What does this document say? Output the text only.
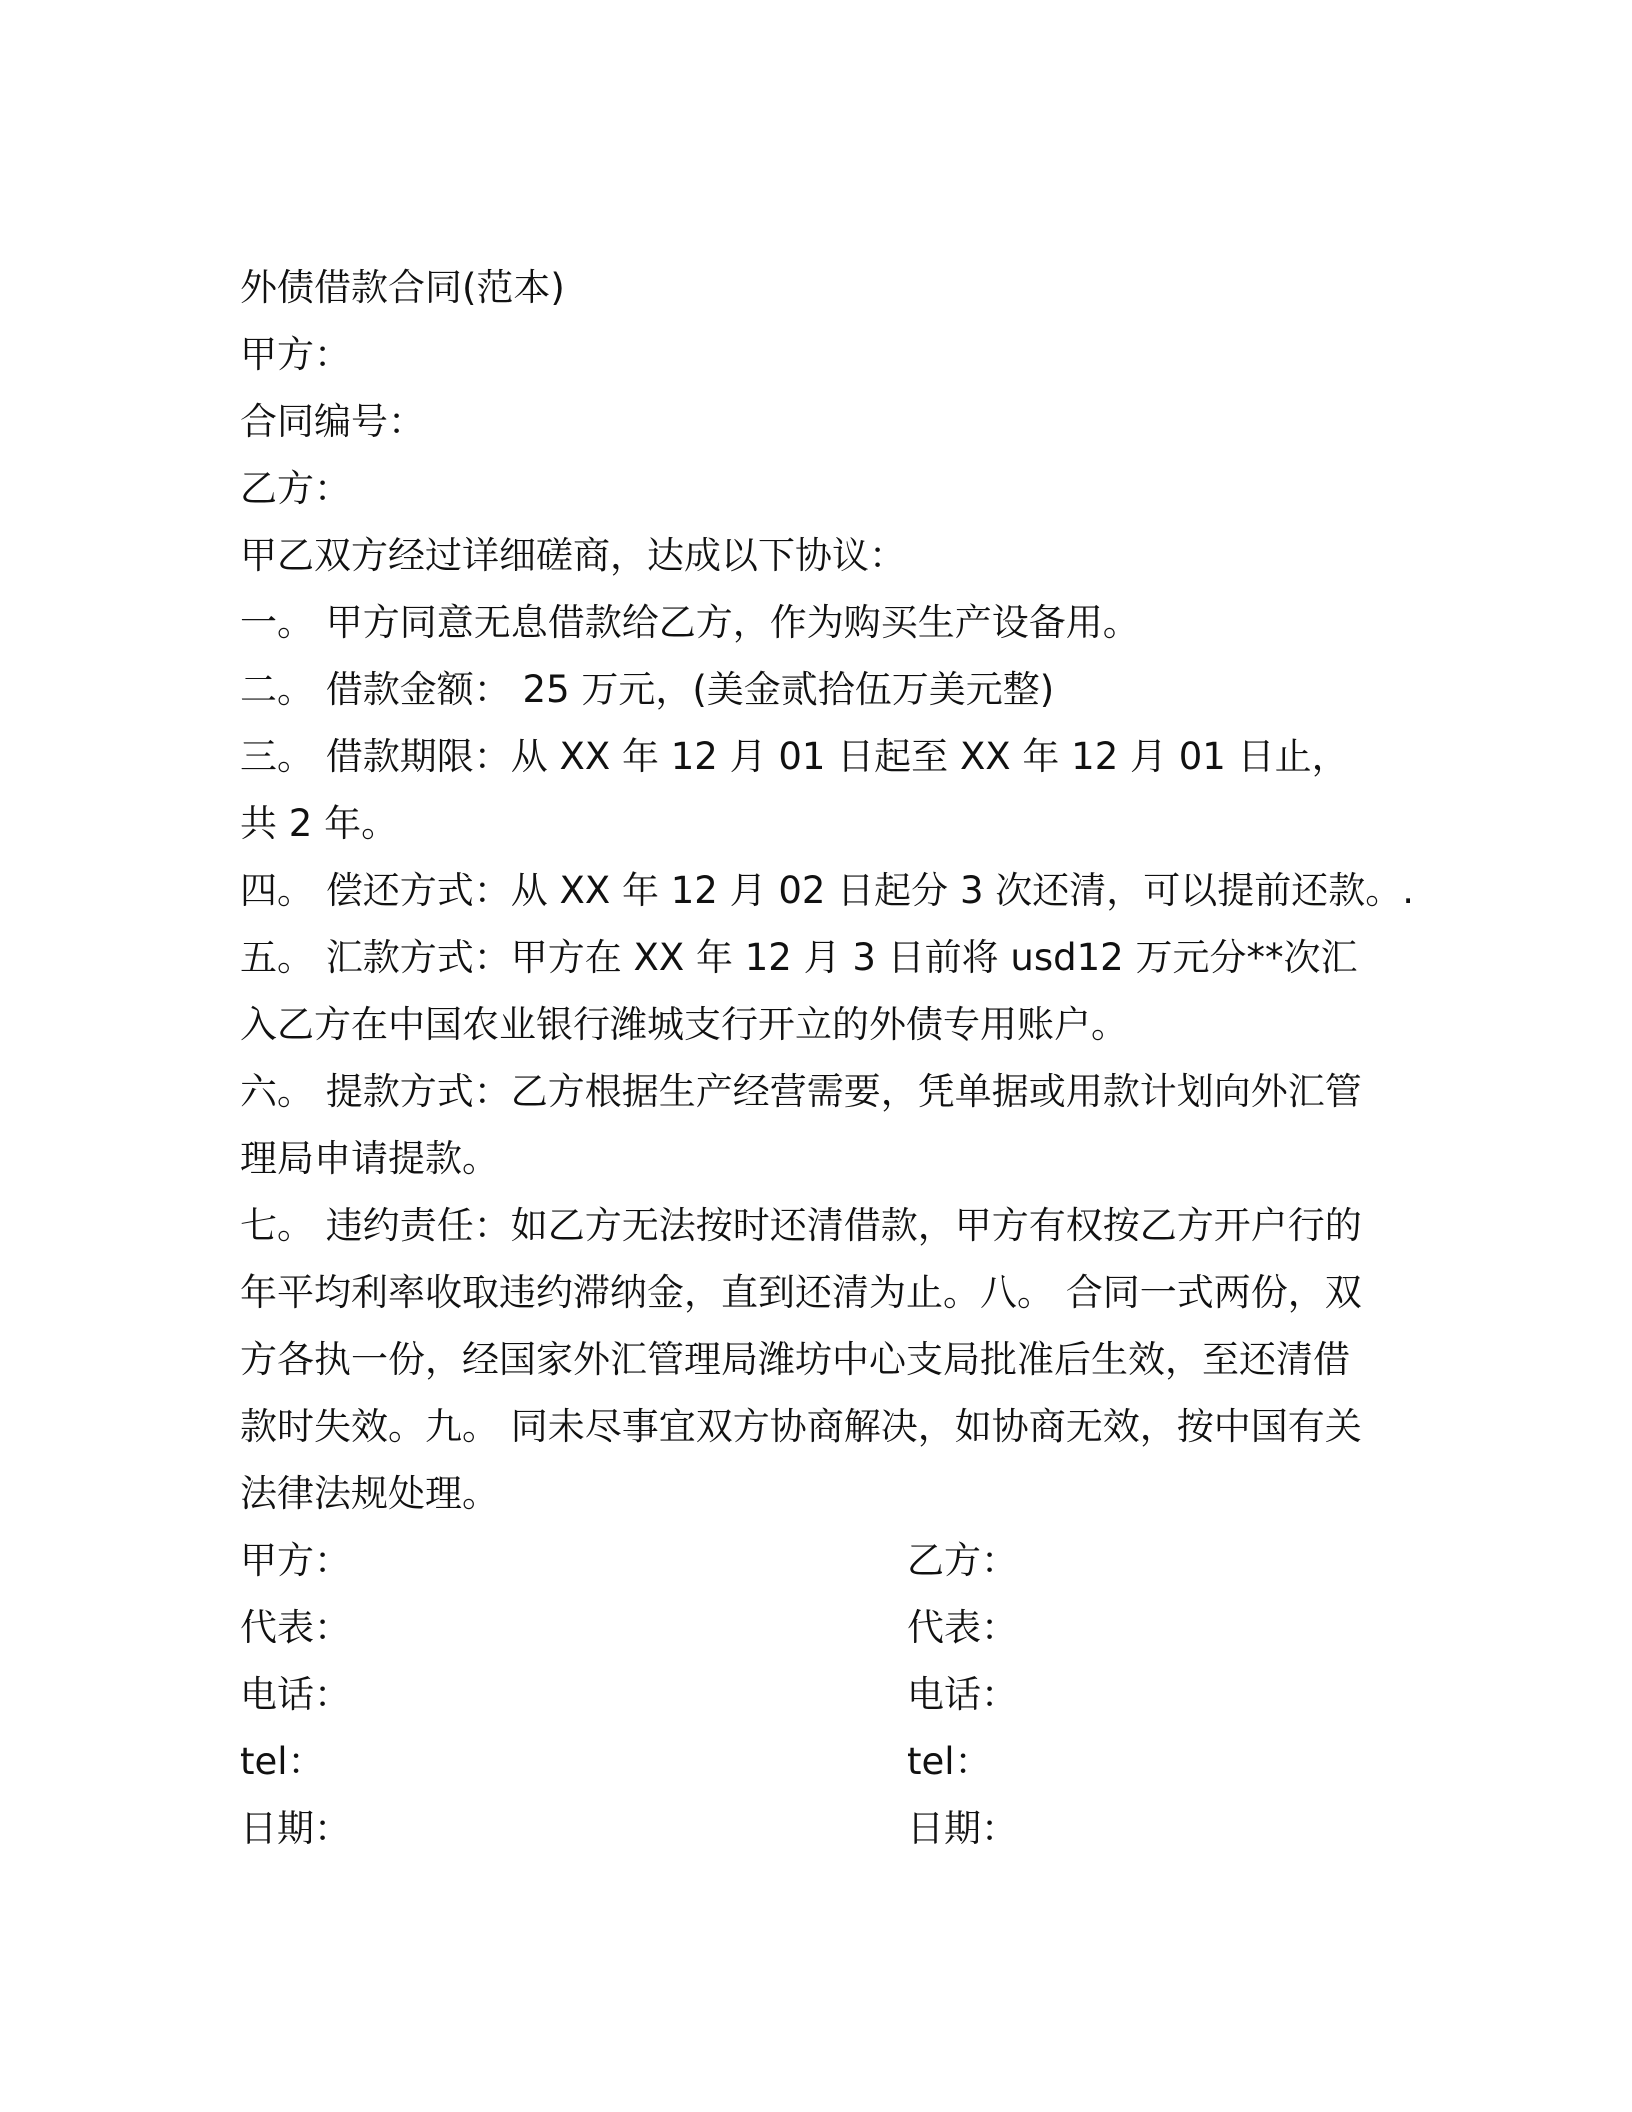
外债借款合同(范本)

甲方：

合同编号：

乙方：

甲乙双方经过详细磋商，达成以下协议：

一。 甲方同意无息借款给乙方，作为购买生产设备用。

二。 借款金额： 25 万元，(美金贰拾伍万美元整)

三。 借款期限：从 XX 年 12 月 01 日起至 XX 年 12 月 01 日止，共 2 年。

四。 偿还方式：从 XX 年 12 月 02 日起分 3 次还清，可以提前还款。.

五。 汇款方式：甲方在 XX 年 12 月 3 日前将 usd12 万元分**次汇入乙方在中国农业银行潍城支行开立的外债专用账户。

六。 提款方式：乙方根据生产经营需要，凭单据或用款计划向外汇管理局申请提款。

七。 违约责任：如乙方无法按时还清借款，甲方有权按乙方开户行的年平均利率收取违约滞纳金，直到还清为止。八。 合同一式两份，双方各执一份，经国家外汇管理局潍坊中心支局批准后生效，至还清借款时失效。九。 同未尽事宜双方协商解决，如协商无效，按中国有关法律法规处理。

甲方：	乙方：
代表：	代表：
电话：	电话：
tel：	tel：
日期：	日期：
